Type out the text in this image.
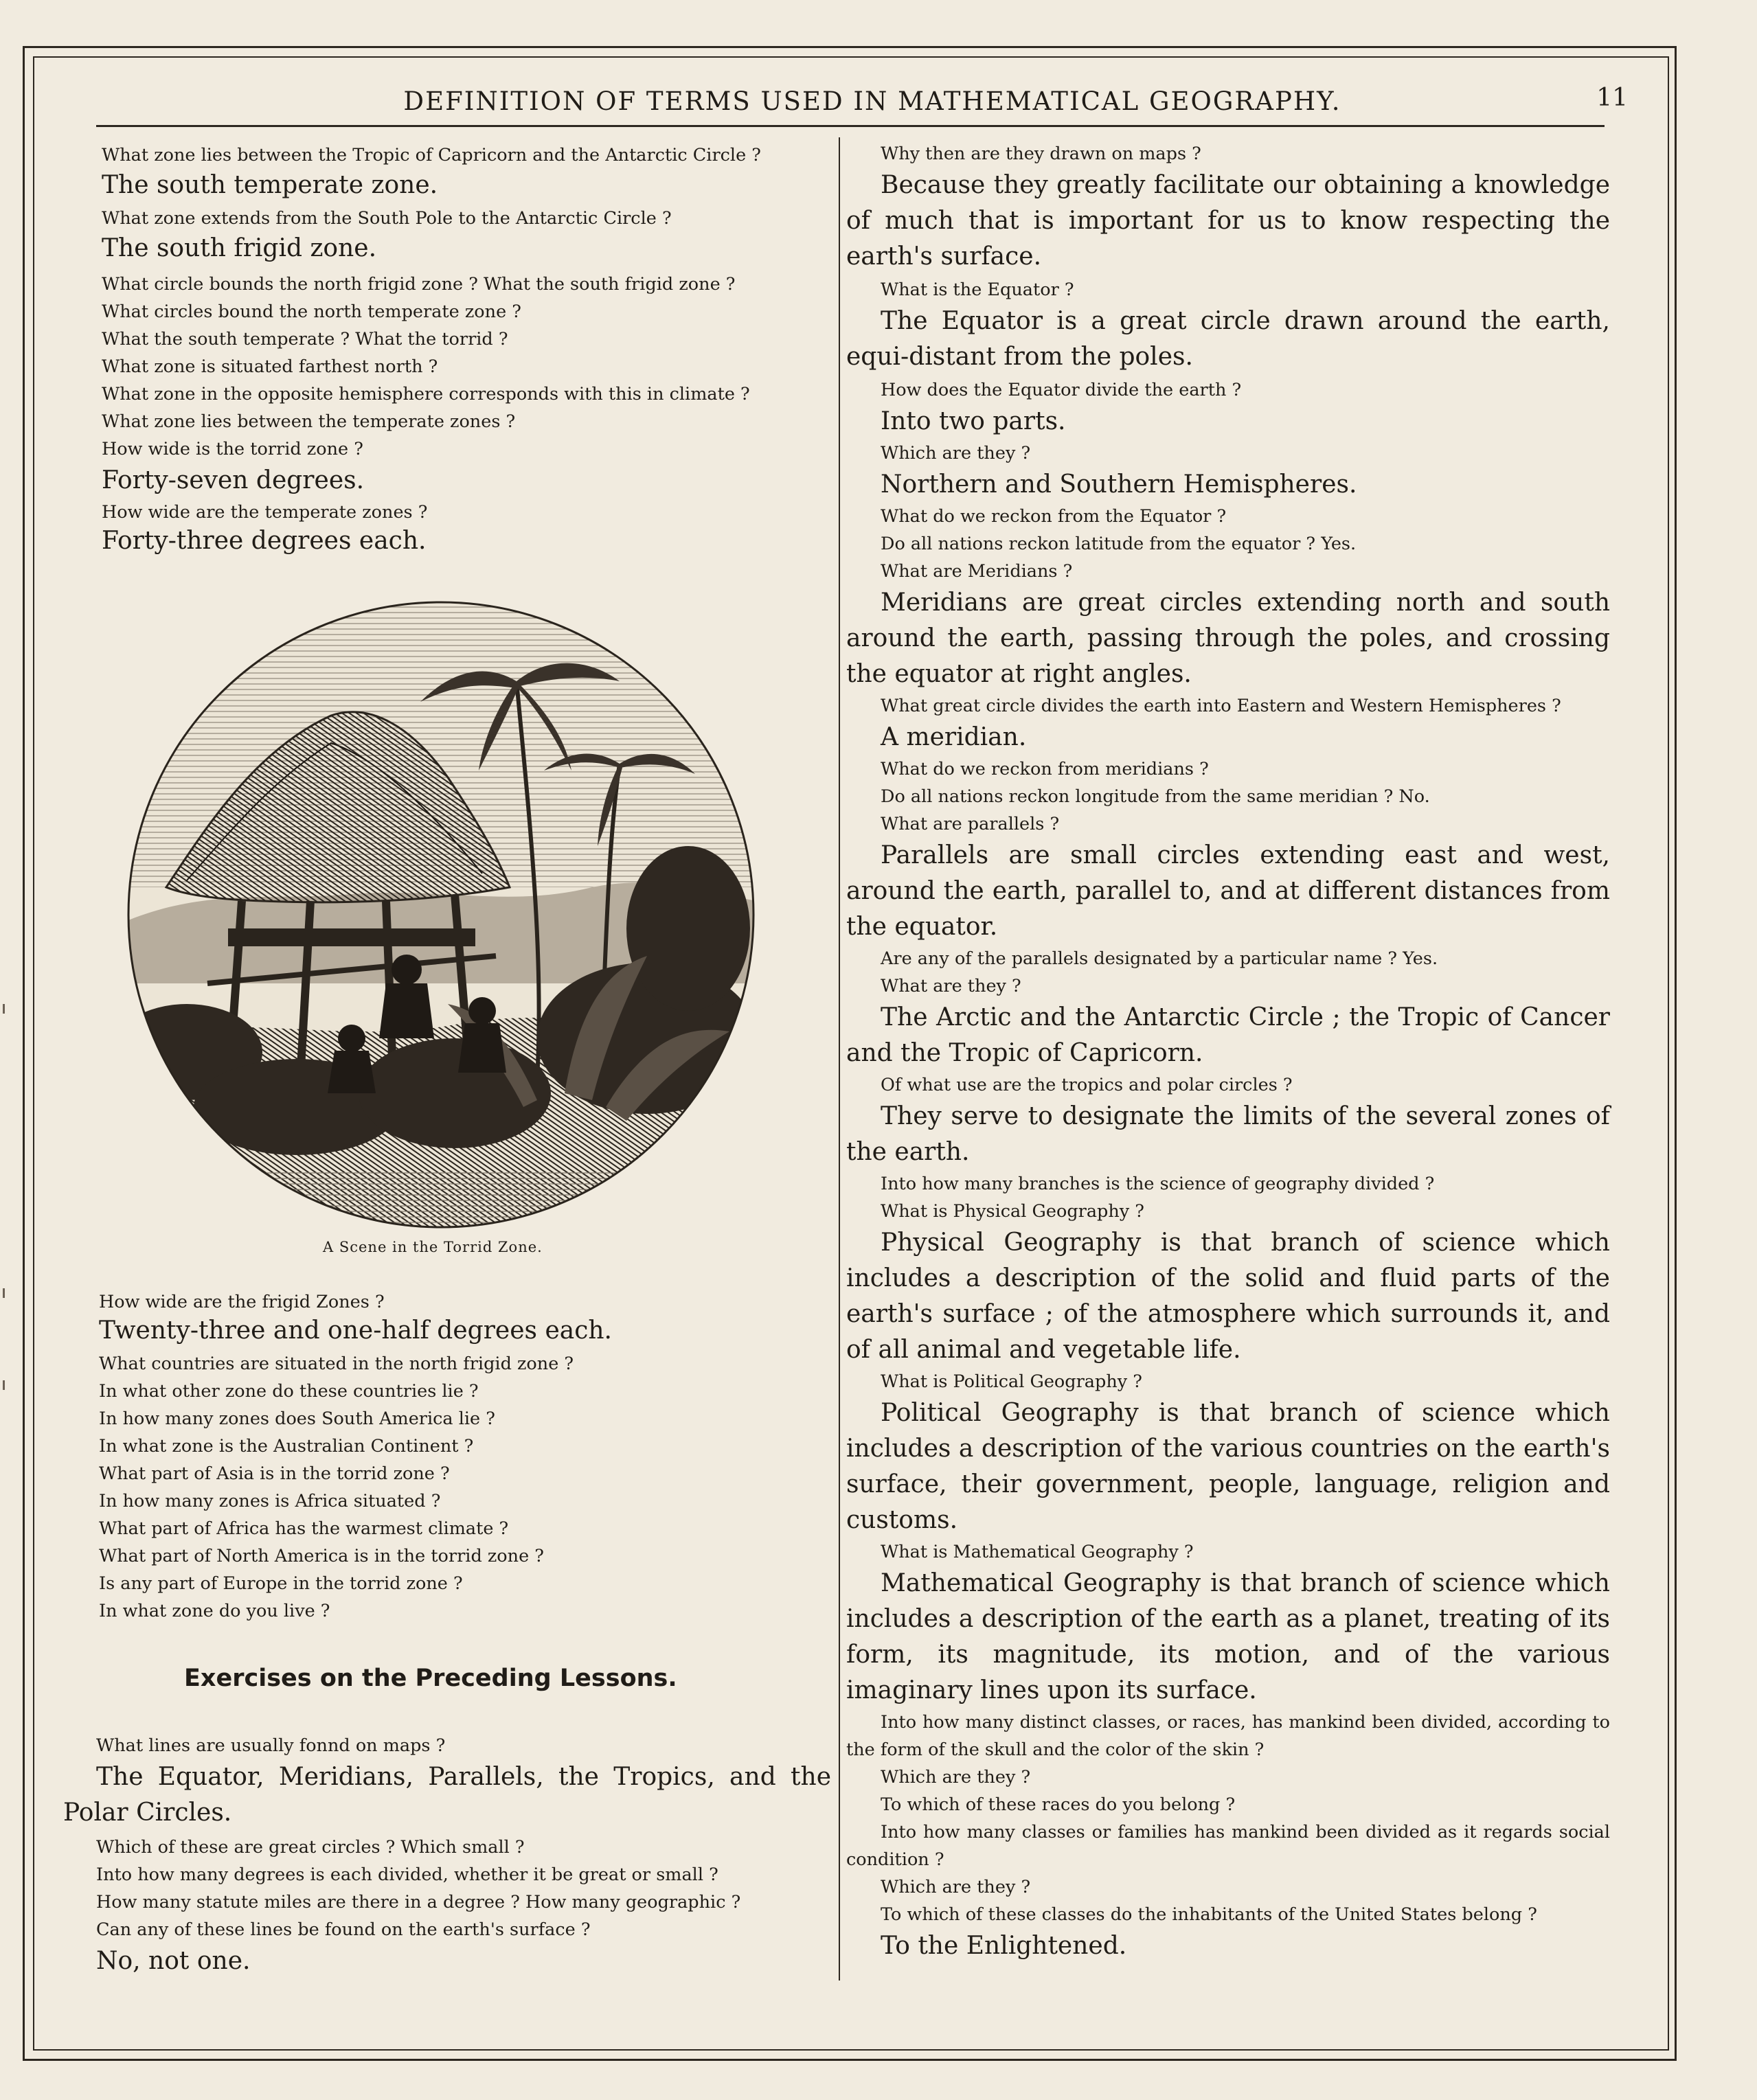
DEFINITION OF TERMS USED IN MATHEMATICAL GEOGRAPHY.	11
What zone lies between the Tropic of Capricorn and the Antarctic Circle ?
The south temperate zone.
What zone extends from the South Pole to the Antarctic Circle ?
The south frigid zone.
What circle bounds the north frigid zone ? What the south frigid zone ?
What circles bound the north temperate zone ?
What the south temperate ? What the torrid ?
What zone is situated farthest north ?
What zone in the opposite hemisphere corresponds with this in climate ?
What zone lies between the temperate zones ?
How wide is the torrid zone ?
Forty-seven degrees.
How wide are the temperate zones ?
Forty-three degrees each.
A Scene in the Torrid Zone.
How wide are the frigid Zones ?
Twenty-three and one-half degrees each.
What countries are situated in the north frigid zone ?
In what other zone do these countries lie ?
In how many zones does South America lie ?
In what zone is the Australian Continent ?
What part of Asia is in the torrid zone ?
In how many zones is Africa situated ?
What part of Africa has the warmest climate ?
What part of North America is in the torrid zone ?
Is any part of Europe in the torrid zone ?
In what zone do you live ?
Exercises on the Preceding Lessons.
What lines are usually fonnd on maps ?
The Equator, Meridians, Parallels, the Tropics, and the Polar Circles.
Which of these are great circles ? Which small ?
Into how many degrees is each divided, whether it be great or small ?
How many statute miles are there in a degree ? How many geographic ?
Can any of these lines be found on the earth's surface ?
No, not one.
Why then are they drawn on maps ?
Because they greatly facilitate our obtaining a knowledge of much that is important for us to know respecting the earth's surface.
What is the Equator ?
The Equator is a great circle drawn around the earth, equi-distant from the poles.
How does the Equator divide the earth ?
Into two parts.
Which are they ?
Northern and Southern Hemispheres.
What do we reckon from the Equator ?
Do all nations reckon latitude from the equator ? Yes.
What are Meridians ?
Meridians are great circles extending north and south around the earth, passing through the poles, and crossing the equator at right angles.
What great circle divides the earth into Eastern and Western Hemispheres ?
A meridian.
What do we reckon from meridians ?
Do all nations reckon longitude from the same meridian ? No.
What are parallels ?
Parallels are small circles extending east and west, around the earth, parallel to, and at different distances from the equator.
Are any of the parallels designated by a particular name ? Yes.
What are they ?
The Arctic and the Antarctic Circle ; the Tropic of Cancer and the Tropic of Capricorn.
Of what use are the tropics and polar circles ?
They serve to designate the limits of the several zones of the earth.
Into how many branches is the science of geography divided ?
What is Physical Geography ?
Physical Geography is that branch of science which includes a description of the solid and fluid parts of the earth's surface ; of the atmosphere which surrounds it, and of all animal and vegetable life.
What is Political Geography ?
Political Geography is that branch of science which includes a description of the various countries on the earth's surface, their government, people, language, religion and customs.
What is Mathematical Geography ?
Mathematical Geography is that branch of science which includes a description of the earth as a planet, treating of its form, its magnitude, its motion, and of the various imaginary lines upon its surface.
Into how many distinct classes, or races, has mankind been divided, according to the form of the skull and the color of the skin ?
Which are they ?
To which of these races do you belong ?
Into how many classes or families has mankind been divided as it regards social condition ?
Which are they ?
To which of these classes do the inhabitants of the United States belong ?
To the Enlightened.
